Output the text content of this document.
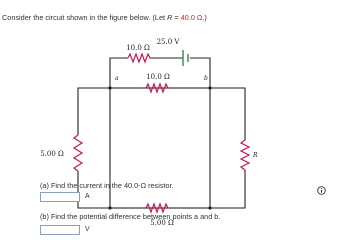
Consider the circuit shown in the figure below. (Let R = 40.0 Ω.)
25.0 V
10.0 Ω
10.0 Ω
5.00 Ω
5.00 Ω	R
a	b
(a) Find the current in the 40.0-Ω resistor.
A
(b) Find the potential difference between points a and b.
V
